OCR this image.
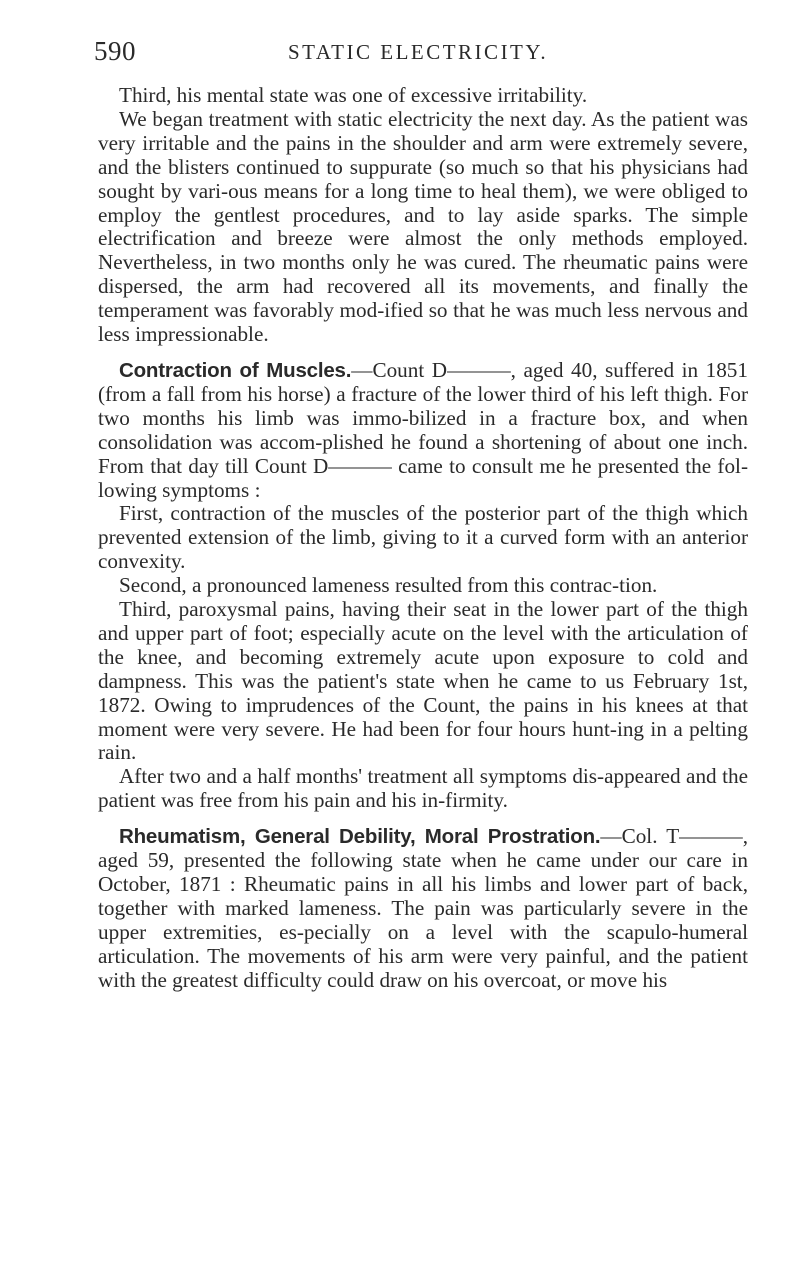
590	STATIC ELECTRICITY.

Third, his mental state was one of excessive irritability.

We began treatment with static electricity the next day. As the patient was very irritable and the pains in the shoulder and arm were extremely severe, and the blisters continued to suppurate (so much so that his physicians had sought by vari-ous means for a long time to heal them), we were obliged to employ the gentlest procedures, and to lay aside sparks. The simple electrification and breeze were almost the only methods employed. Nevertheless, in two months only he was cured. The rheumatic pains were dispersed, the arm had recovered all its movements, and finally the temperament was favorably mod-ified so that he was much less nervous and less impressionable.

Contraction of Muscles.—Count D———, aged 40, suffered in 1851 (from a fall from his horse) a fracture of the lower third of his left thigh. For two months his limb was immo-bilized in a fracture box, and when consolidation was accom-plished he found a shortening of about one inch. From that day till Count D——— came to consult me he presented the fol-lowing symptoms :

First, contraction of the muscles of the posterior part of the thigh which prevented extension of the limb, giving to it a curved form with an anterior convexity.

Second, a pronounced lameness resulted from this contrac-tion.

Third, paroxysmal pains, having their seat in the lower part of the thigh and upper part of foot; especially acute on the level with the articulation of the knee, and becoming extremely acute upon exposure to cold and dampness. This was the patient's state when he came to us February 1st, 1872. Owing to imprudences of the Count, the pains in his knees at that moment were very severe. He had been for four hours hunt-ing in a pelting rain.

After two and a half months' treatment all symptoms dis-appeared and the patient was free from his pain and his in-firmity.

Rheumatism, General Debility, Moral Prostration.—Col. T———, aged 59, presented the following state when he came under our care in October, 1871 : Rheumatic pains in all his limbs and lower part of back, together with marked lameness. The pain was particularly severe in the upper extremities, es-pecially on a level with the scapulo-humeral articulation. The movements of his arm were very painful, and the patient with the greatest difficulty could draw on his overcoat, or move his
